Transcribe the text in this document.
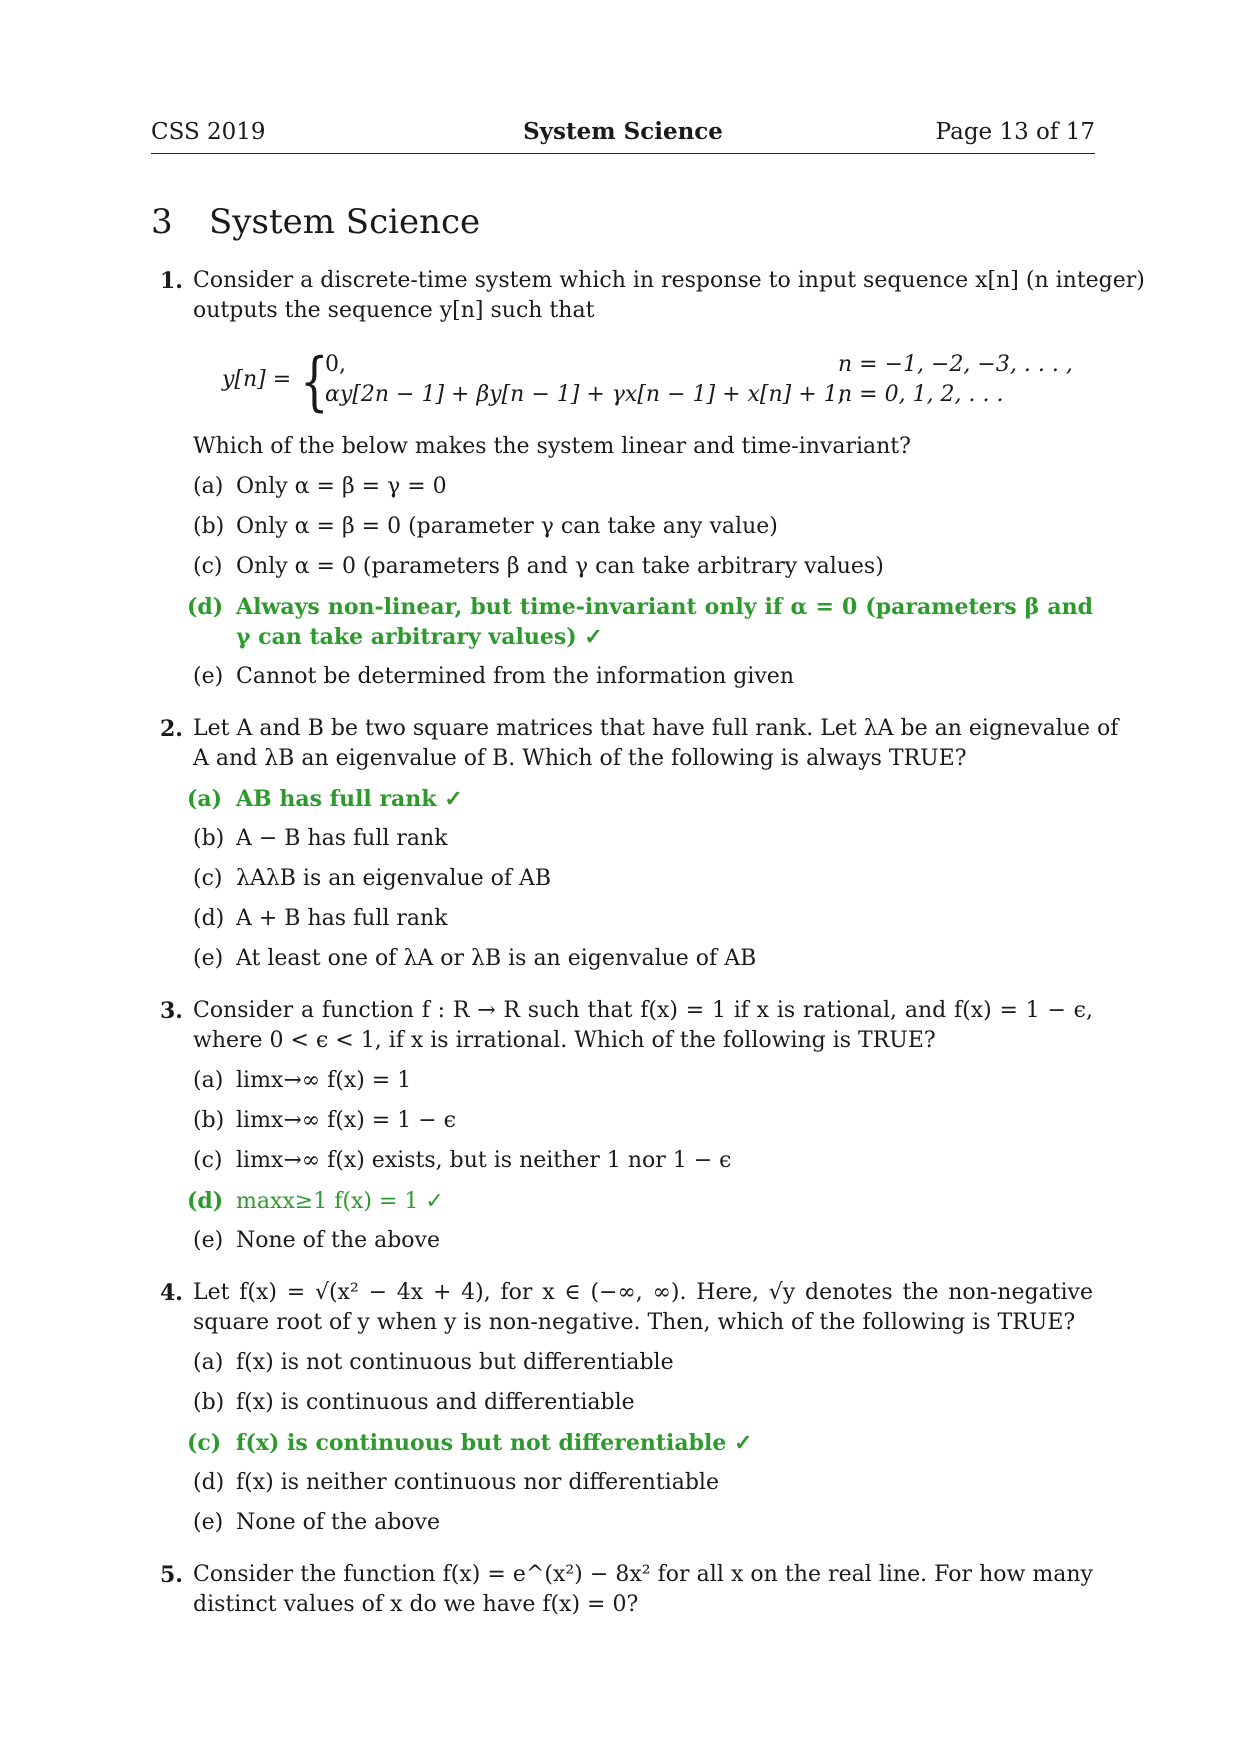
CSS 2019	System Science	Page 13 of 17
3 System Science
1. Consider a discrete-time system which in response to input sequence x[n] (n integer)
outputs the sequence y[n] such that
y[n] = {
0,	n = −1, −2, −3, . . . ,
αy[2n − 1] + βy[n − 1] + γx[n − 1] + x[n] + 1,
n = 0, 1, 2, . . .
Which of the below makes the system linear and time-invariant?
(a) Only α = β = γ = 0
(b) Only α = β = 0 (parameter γ can take any value)
(c) Only α = 0 (parameters β and γ can take arbitrary values)
(d) Always non-linear, but time-invariant only if α = 0 (parameters β and
γ can take arbitrary values) ✓
(e) Cannot be determined from the information given
2. Let A and B be two square matrices that have full rank. Let λA be an eignevalue of
A and λB an eigenvalue of B. Which of the following is always TRUE?
(a) AB has full rank ✓
(b) A − B has full rank
(c) λAλB is an eigenvalue of AB
(d) A + B has full rank
(e) At least one of λA or λB is an eigenvalue of AB
3. Consider a function f : R → R such that f(x) = 1 if x is rational, and f(x) = 1 − ϵ,
where 0 < ϵ < 1, if x is irrational. Which of the following is TRUE?
(a) limx→∞ f(x) = 1
(b) limx→∞ f(x) = 1 − ϵ
(c) limx→∞ f(x) exists, but is neither 1 nor 1 − ϵ
(d) maxx≥1 f(x) = 1 ✓
(e) None of the above
4. Let f(x) = √(x² − 4x + 4), for x ∈ (−∞, ∞). Here, √y denotes the non-negative
square root of y when y is non-negative. Then, which of the following is TRUE?
(a) f(x) is not continuous but differentiable
(b) f(x) is continuous and differentiable
(c) f(x) is continuous but not differentiable ✓
(d) f(x) is neither continuous nor differentiable
(e) None of the above
5. Consider the function f(x) = e^(x²) − 8x² for all x on the real line. For how many
distinct values of x do we have f(x) = 0?
